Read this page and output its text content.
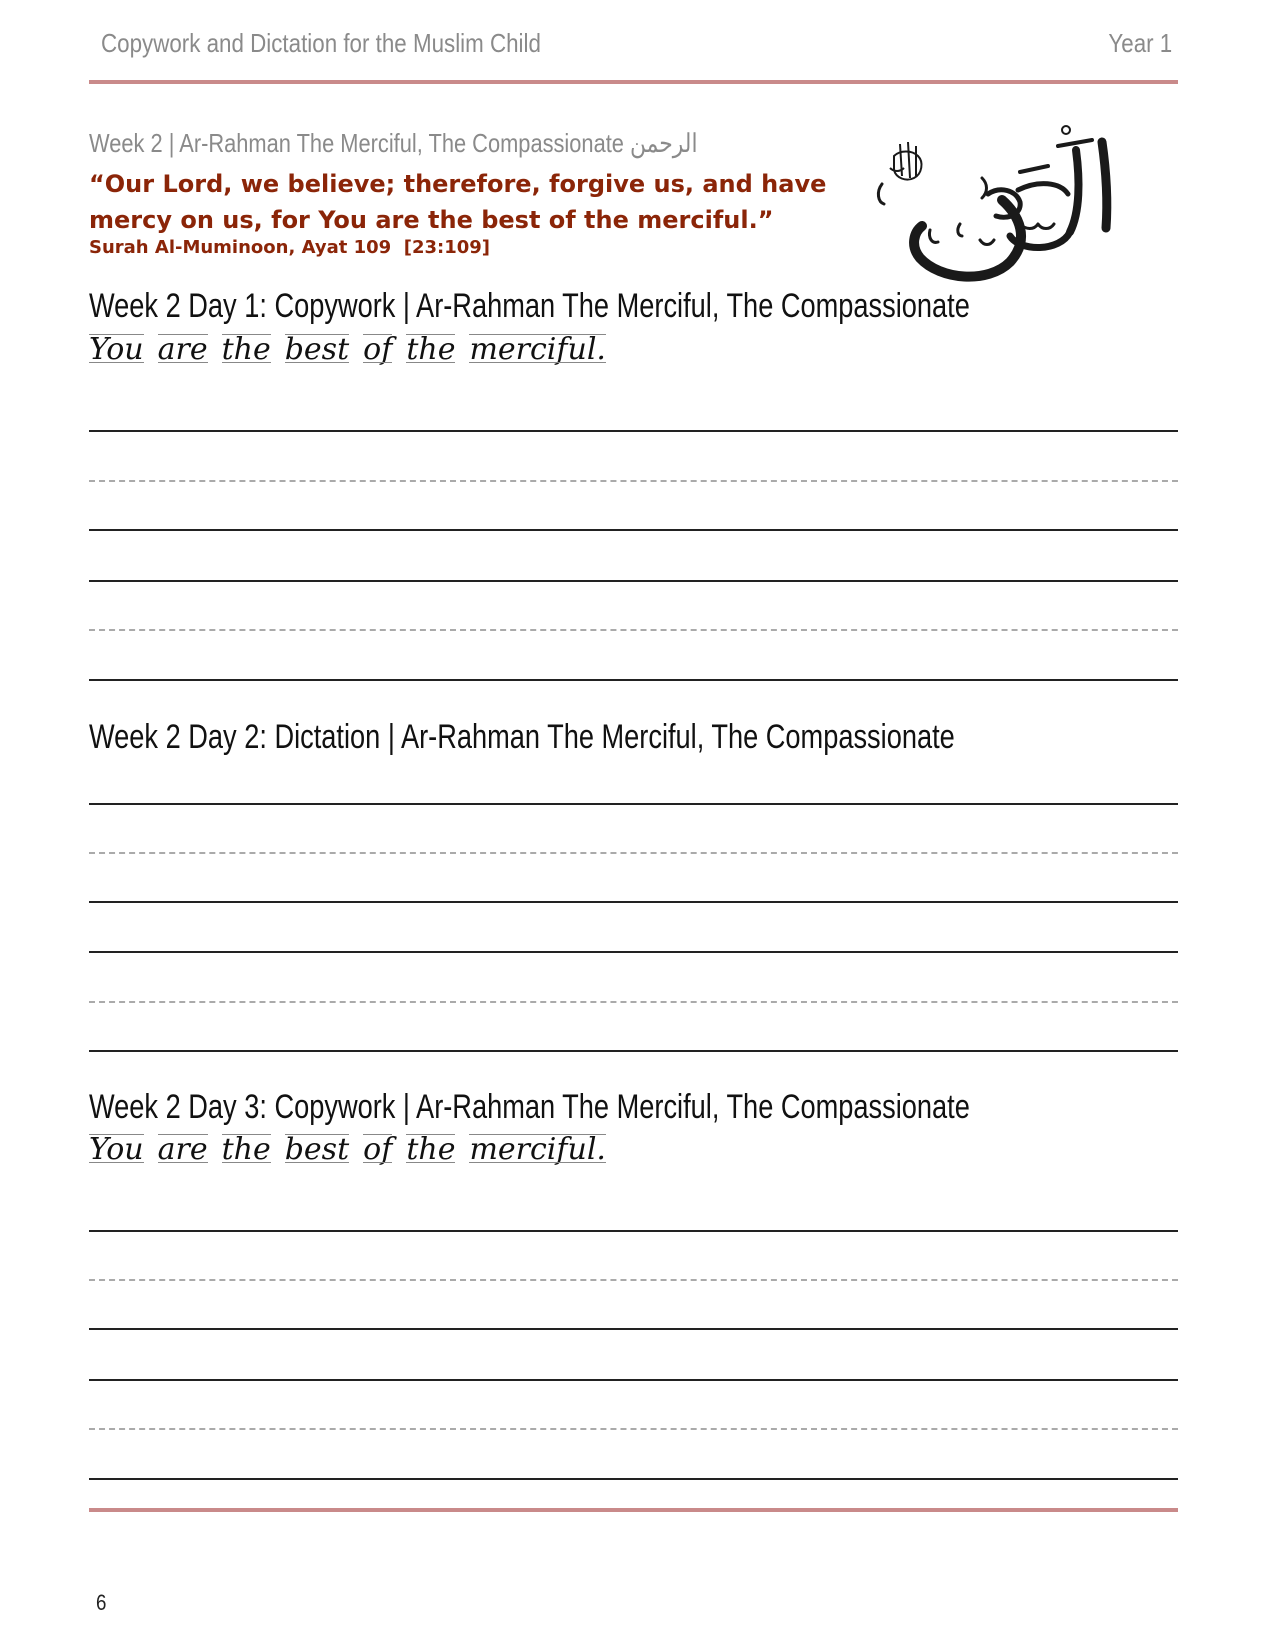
Copywork and Dictation for the Muslim Child	Year 1
Week 2 | Ar-Rahman The Merciful, The Compassionate الرحمن
“Our Lord, we believe; therefore, forgive us, and have mercy on us, for You are the best of the merciful.”
Surah Al-Muminoon, Ayat 109  [23:109]
Week 2 Day 1: Copywork | Ar-Rahman The Merciful, The Compassionate
You are the best of the merciful.
Week 2 Day 2: Dictation | Ar-Rahman The Merciful, The Compassionate
Week 2 Day 3: Copywork | Ar-Rahman The Merciful, The Compassionate
You are the best of the merciful.
6
